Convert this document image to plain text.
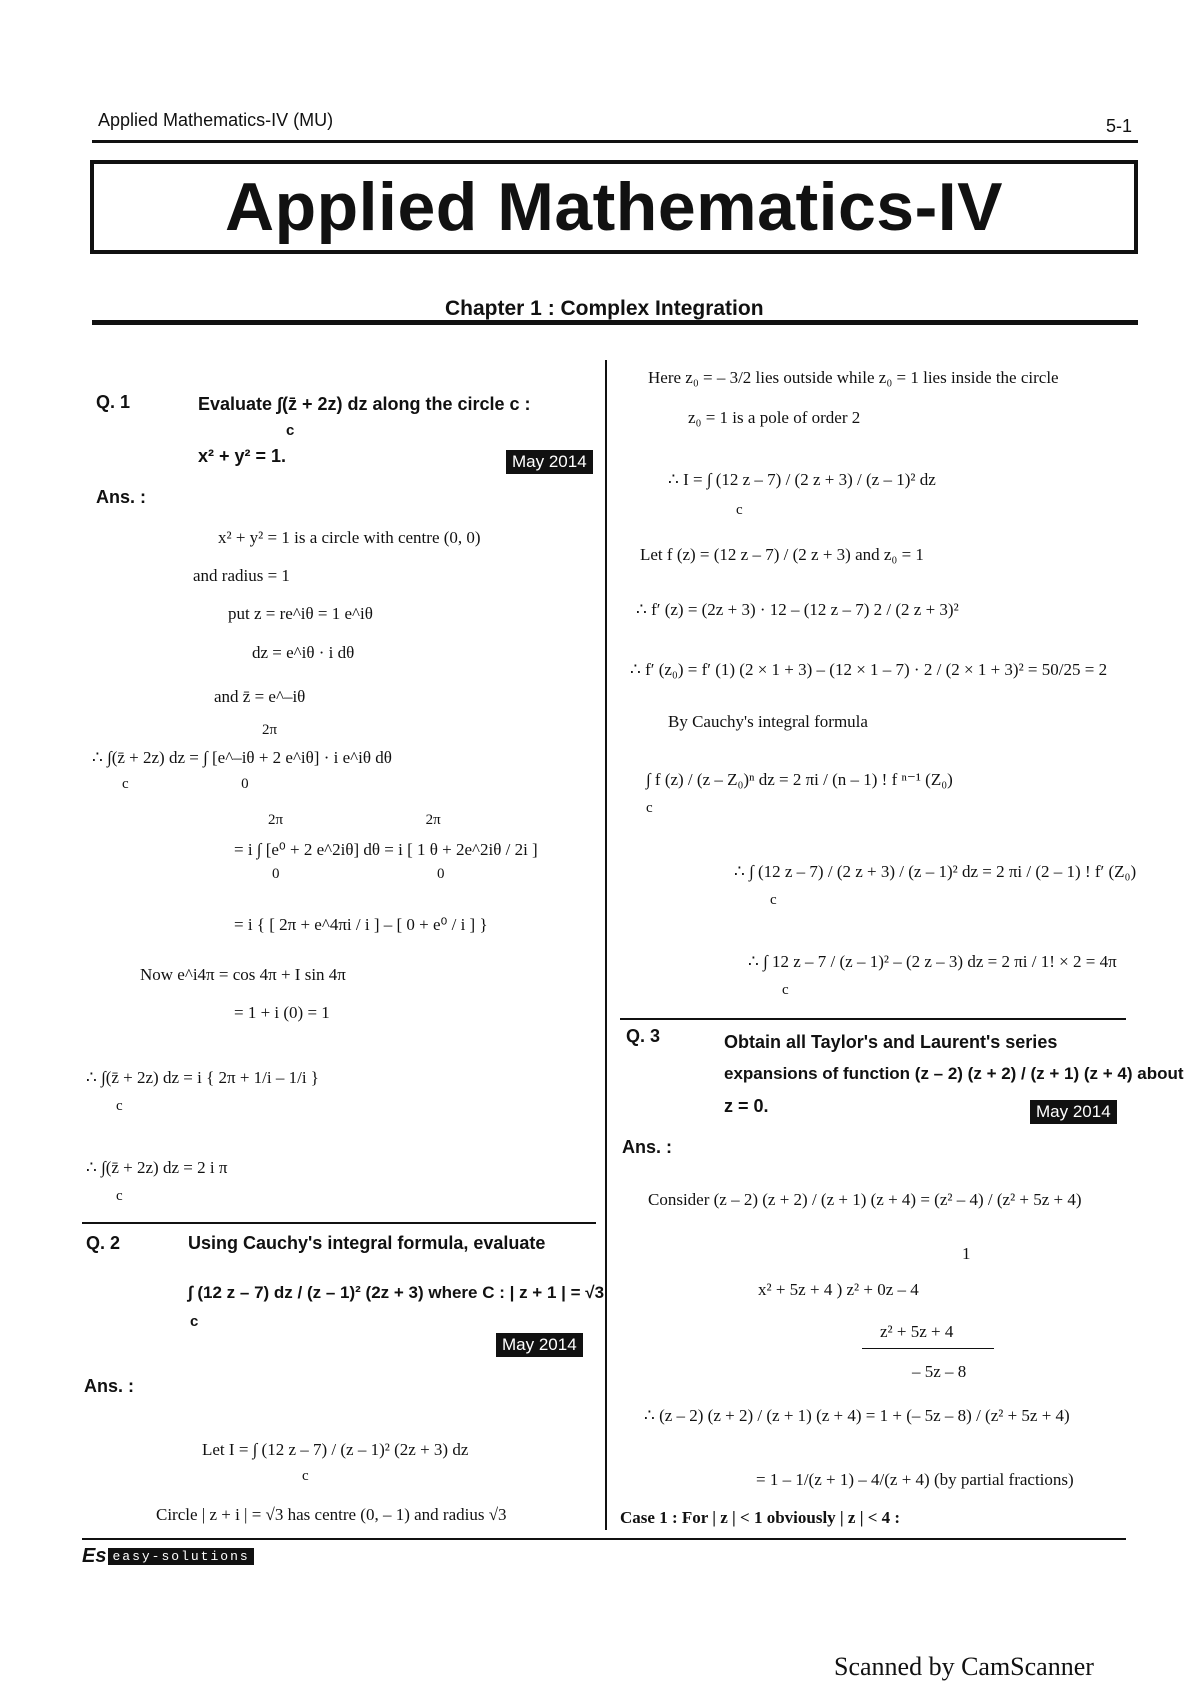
Applied Mathematics-IV (MU)	5-1
Applied Mathematics-IV
Chapter 1 : Complex Integration
Q. 1	Evaluate ∫(z̄ + 2z) dz along the circle c :
c
x² + y² = 1.	May 2014
Ans. :
x² + y² = 1 is a circle with centre (0, 0)
and radius = 1
put z = re^iθ = 1 e^iθ
dz = e^iθ · i dθ
and z̄ = e^–iθ
2π
∴ ∫(z̄ + 2z) dz = ∫ [e^–iθ + 2 e^iθ] · i e^iθ dθ
c                              0
2π                                      2π
= i ∫ [e⁰ + 2 e^2iθ] dθ = i [ 1 θ + 2e^2iθ / 2i ]
0                                          0
= i { [ 2π + e^4πi / i ] – [ 0 + e⁰ / i ] }
Now e^i4π = cos 4π + I sin 4π
= 1 + i (0) = 1
∴ ∫(z̄ + 2z) dz = i { 2π + 1/i – 1/i }
c
∴ ∫(z̄ + 2z) dz = 2 i π
c
Q. 2	Using Cauchy's integral formula, evaluate
∫ (12 z – 7) dz / (z – 1)² (2z + 3) where C : | z + 1 | = √3
c
May 2014
Ans. :
Let I = ∫ (12 z – 7) / (z – 1)² (2z + 3) dz
c
Circle | z + i | = √3 has centre (0, – 1) and radius √3
Here z₀ = – 3/2 lies outside while z₀ = 1 lies inside the circle
z₀ = 1 is a pole of order 2
∴ I = ∫ (12 z – 7) / (2 z + 3) / (z – 1)² dz
c
Let f (z) = (12 z – 7) / (2 z + 3) and z₀ = 1
∴ f′ (z) = (2z + 3) · 12 – (12 z – 7) 2 / (2 z + 3)²
∴ f′ (z₀) = f′ (1) (2 × 1 + 3) – (12 × 1 – 7) · 2 / (2 × 1 + 3)² = 50/25 = 2
By Cauchy's integral formula
∫ f (z) / (z – Z₀)ⁿ dz = 2 πi / (n – 1) ! f ⁿ⁻¹ (Z₀)
c
∴ ∫ (12 z – 7) / (2 z + 3) / (z – 1)² dz = 2 πi / (2 – 1) ! f′ (Z₀)
c
∴ ∫ 12 z – 7 / (z – 1)² – (2 z – 3) dz = 2 πi / 1! × 2 = 4π
c
Q. 3	Obtain all Taylor's and Laurent's series
expansions of function (z – 2) (z + 2) / (z + 1) (z + 4) about
z = 0.	May 2014
Ans. :
Consider (z – 2) (z + 2) / (z + 1) (z + 4) = (z² – 4) / (z² + 5z + 4)
1
x² + 5z + 4 ) z² + 0z – 4
z² + 5z + 4
– 5z – 8
∴ (z – 2) (z + 2) / (z + 1) (z + 4) = 1 + (– 5z – 8) / (z² + 5z + 4)
= 1 – 1/(z + 1) – 4/(z + 4) (by partial fractions)
Case 1 : For | z | < 1 obviously | z | < 4 :
Es easy-solutions
Scanned by CamScanner
